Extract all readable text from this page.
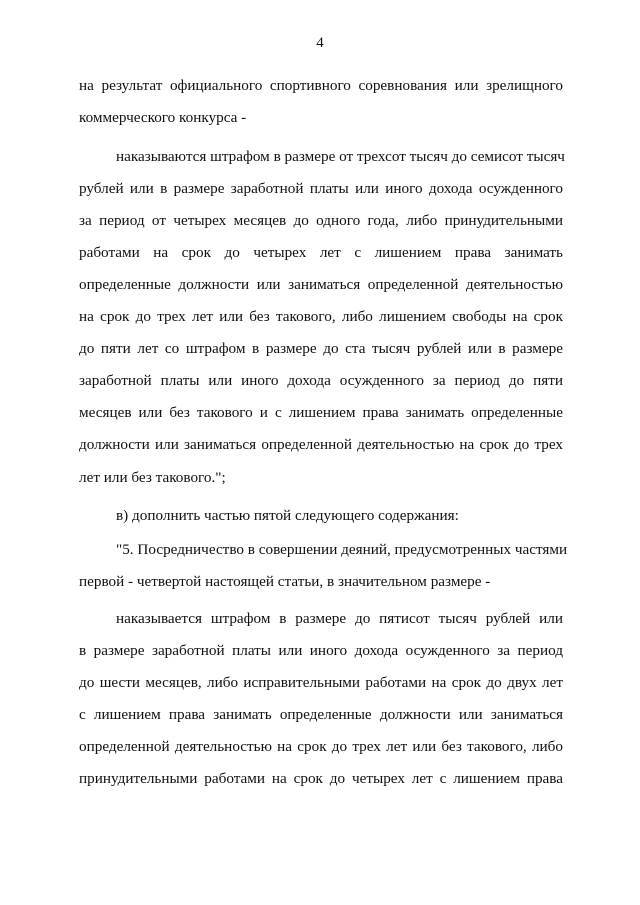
4
на результат официального спортивного соревнования или зрелищного
коммерческого конкурса -
наказываются штрафом в размере от трехсот тысяч до семисот тысяч
рублей или в размере заработной платы или иного дохода осужденного
за период от четырех месяцев до одного года, либо принудительными
работами на срок до четырех лет с лишением права занимать
определенные должности или заниматься определенной деятельностью
на срок до трех лет или без такового, либо лишением свободы на срок
до пяти лет со штрафом в размере до ста тысяч рублей или в размере
заработной платы или иного дохода осужденного за период до пяти
месяцев или без такового и с лишением права занимать определенные
должности или заниматься определенной деятельностью на срок до трех
лет или без такового.";
в) дополнить частью пятой следующего содержания:
"5. Посредничество в совершении деяний, предусмотренных частями
первой - четвертой настоящей статьи, в значительном размере -
наказывается штрафом в размере до пятисот тысяч рублей или
в размере заработной платы или иного дохода осужденного за период
до шести месяцев, либо исправительными работами на срок до двух лет
с лишением права занимать определенные должности или заниматься
определенной деятельностью на срок до трех лет или без такового, либо
принудительными работами на срок до четырех лет с лишением права
